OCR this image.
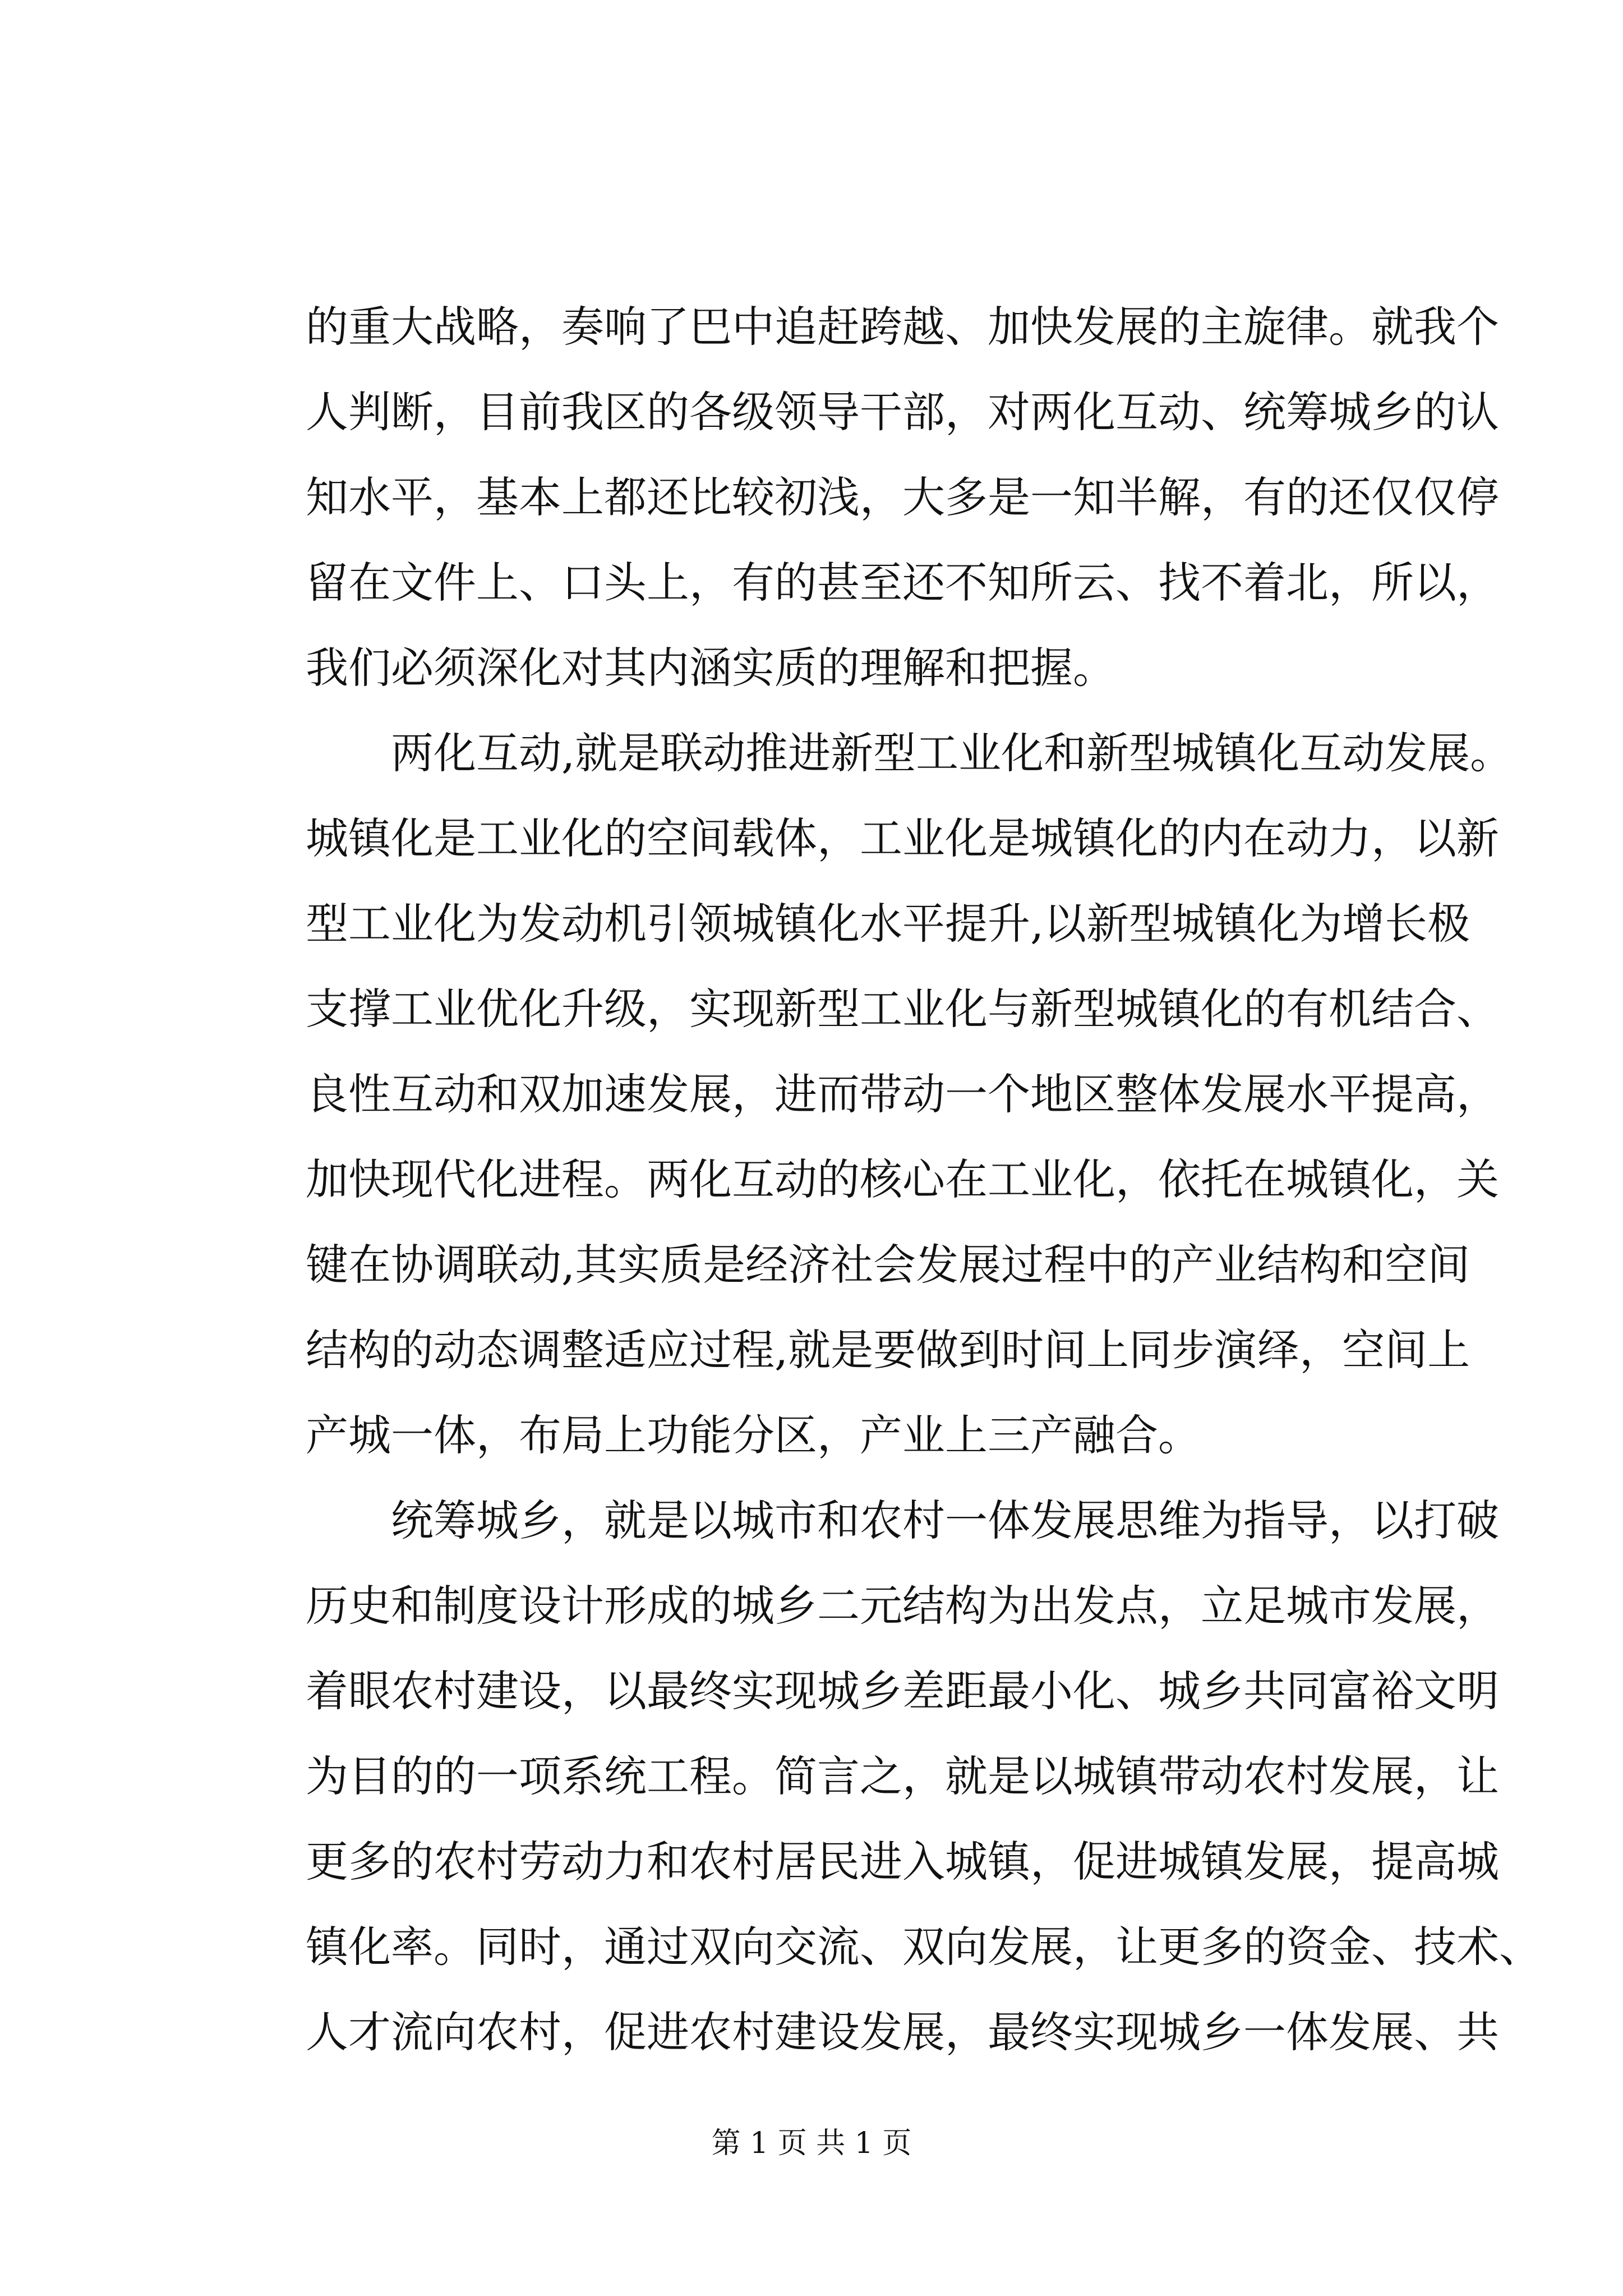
的重大战略，奏响了巴中追赶跨越、加快发展的主旋律。就我个
人判断，目前我区的各级领导干部，对两化互动、统筹城乡的认
知水平，基本上都还比较初浅，大多是一知半解，有的还仅仅停
留在文件上、口头上，有的甚至还不知所云、找不着北，所以，
我们必须深化对其内涵实质的理解和把握。
　　两化互动,就是联动推进新型工业化和新型城镇化互动发展。
城镇化是工业化的空间载体，工业化是城镇化的内在动力，以新
型工业化为发动机引领城镇化水平提升,以新型城镇化为增长极
支撑工业优化升级，实现新型工业化与新型城镇化的有机结合、
良性互动和双加速发展，进而带动一个地区整体发展水平提高，
加快现代化进程。两化互动的核心在工业化，依托在城镇化，关
键在协调联动,其实质是经济社会发展过程中的产业结构和空间
结构的动态调整适应过程,就是要做到时间上同步演绎，空间上
产城一体，布局上功能分区，产业上三产融合。
　　统筹城乡，就是以城市和农村一体发展思维为指导，以打破
历史和制度设计形成的城乡二元结构为出发点，立足城市发展，
着眼农村建设，以最终实现城乡差距最小化、城乡共同富裕文明
为目的的一项系统工程。简言之，就是以城镇带动农村发展，让
更多的农村劳动力和农村居民进入城镇，促进城镇发展，提高城
镇化率。同时，通过双向交流、双向发展，让更多的资金、技术、
人才流向农村，促进农村建设发展，最终实现城乡一体发展、共
第 1 页 共 1 页
